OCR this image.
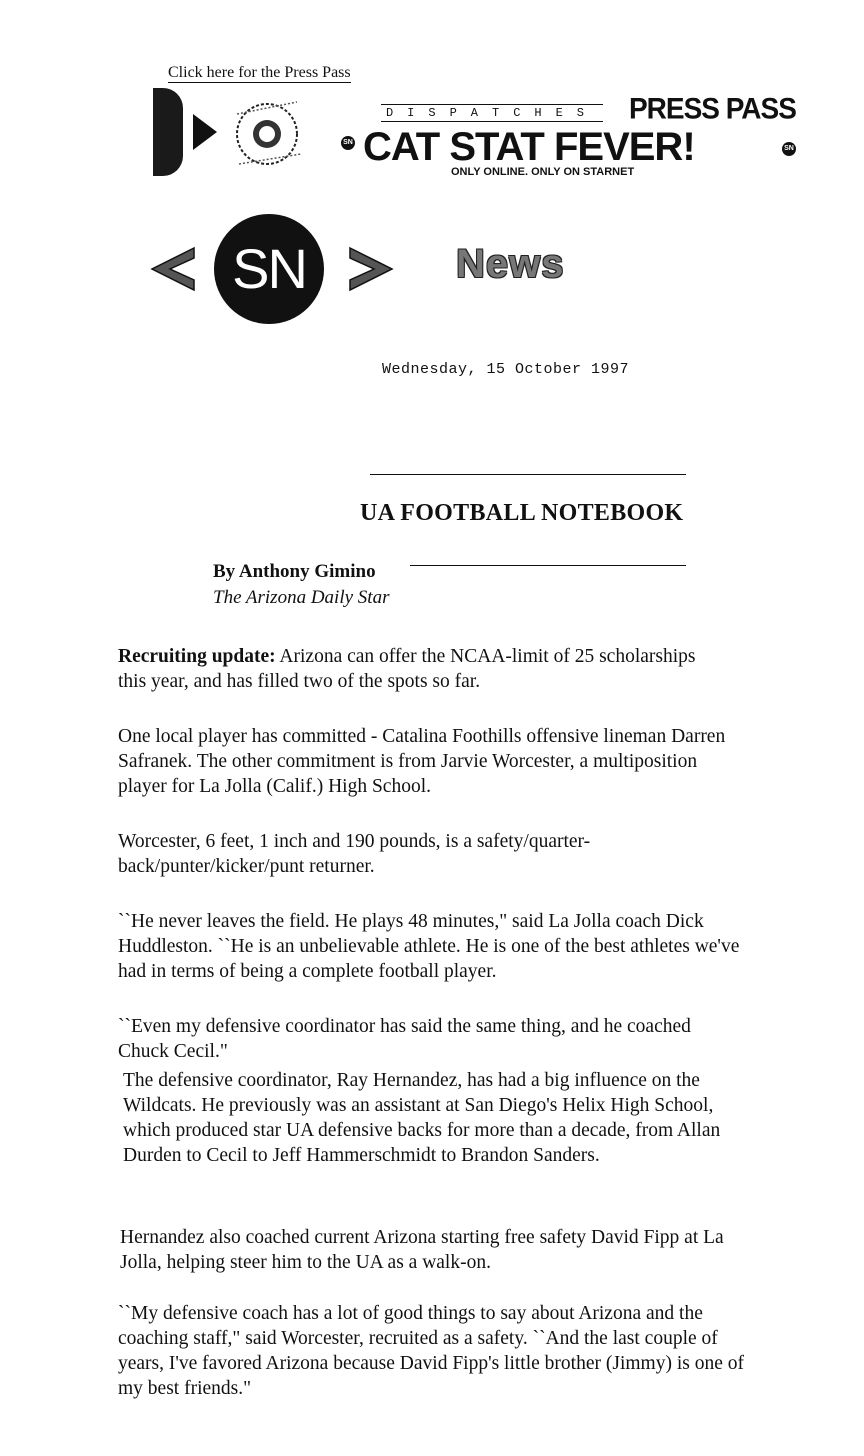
Click here for the Press Pass
DISPATCHES PRESS PASS
SN CAT STAT FEVER!	SN
ONLY ONLINE. ONLY ON STARNET
SN	News
Wednesday, 15 October 1997
UA FOOTBALL NOTEBOOK
By Anthony Gimino
The Arizona Daily Star
Recruiting update: Arizona can offer the NCAA-limit of 25 scholarships this year, and has filled two of the spots so far.
One local player has committed - Catalina Foothills offensive lineman Darren Safranek. The other commitment is from Jarvie Worcester, a multiposition player for La Jolla (Calif.) High School.
Worcester, 6 feet, 1 inch and 190 pounds, is a safety/quarter-back/punter/kicker/punt returner.
``He never leaves the field. He plays 48 minutes," said La Jolla coach Dick Huddleston. ``He is an unbelievable athlete. He is one of the best athletes we've had in terms of being a complete football player.
``Even my defensive coordinator has said the same thing, and he coached Chuck Cecil."
The defensive coordinator, Ray Hernandez, has had a big influence on the Wildcats. He previously was an assistant at San Diego's Helix High School, which produced star UA defensive backs for more than a decade, from Allan Durden to Cecil to Jeff Hammerschmidt to Brandon Sanders.
Hernandez also coached current Arizona starting free safety David Fipp at La Jolla, helping steer him to the UA as a walk-on.
``My defensive coach has a lot of good things to say about Arizona and the coaching staff," said Worcester, recruited as a safety. ``And the last couple of years, I've favored Arizona because David Fipp's little brother (Jimmy) is one of my best friends."
